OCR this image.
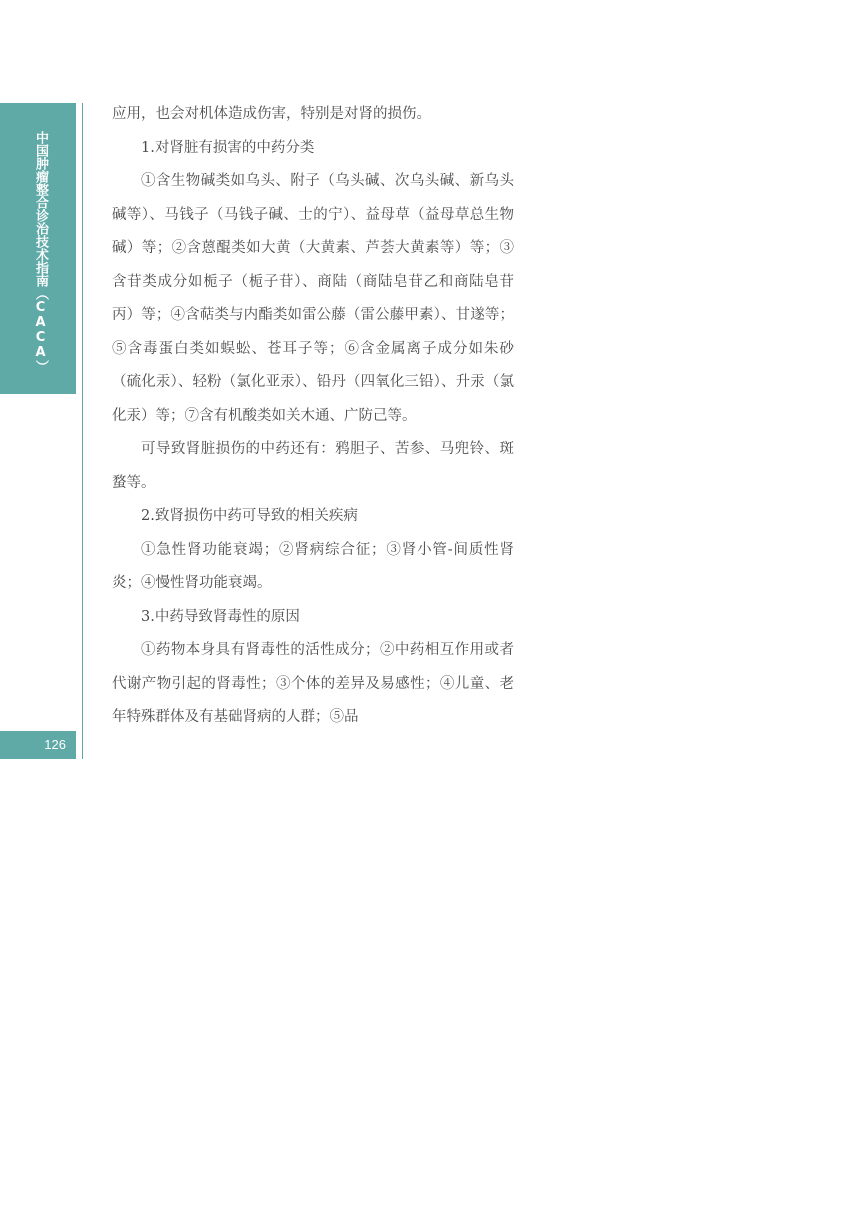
中国肿瘤整合诊治技术指南（CACA）
126

应用，也会对机体造成伤害，特别是对肾的损伤。

1.对肾脏有损害的中药分类

①含生物碱类如乌头、附子（乌头碱、次乌头碱、新乌头碱等）、马钱子（马钱子碱、士的宁）、益母草（益母草总生物碱）等；②含蒽醌类如大黄（大黄素、芦荟大黄素等）等；③含苷类成分如栀子（栀子苷）、商陆（商陆皂苷乙和商陆皂苷丙）等；④含萜类与内酯类如雷公藤（雷公藤甲素）、甘遂等；⑤含毒蛋白类如蜈蚣、苍耳子等；⑥含金属离子成分如朱砂（硫化汞）、轻粉（氯化亚汞）、铅丹（四氧化三铅）、升汞（氯化汞）等；⑦含有机酸类如关木通、广防己等。

可导致肾脏损伤的中药还有：鸦胆子、苦参、马兜铃、斑蝥等。

2.致肾损伤中药可导致的相关疾病

①急性肾功能衰竭；②肾病综合征；③肾小管-间质性肾炎；④慢性肾功能衰竭。

3.中药导致肾毒性的原因

①药物本身具有肾毒性的活性成分；②中药相互作用或者代谢产物引起的肾毒性；③个体的差异及易感性；④儿童、老年特殊群体及有基础肾病的人群；⑤品
